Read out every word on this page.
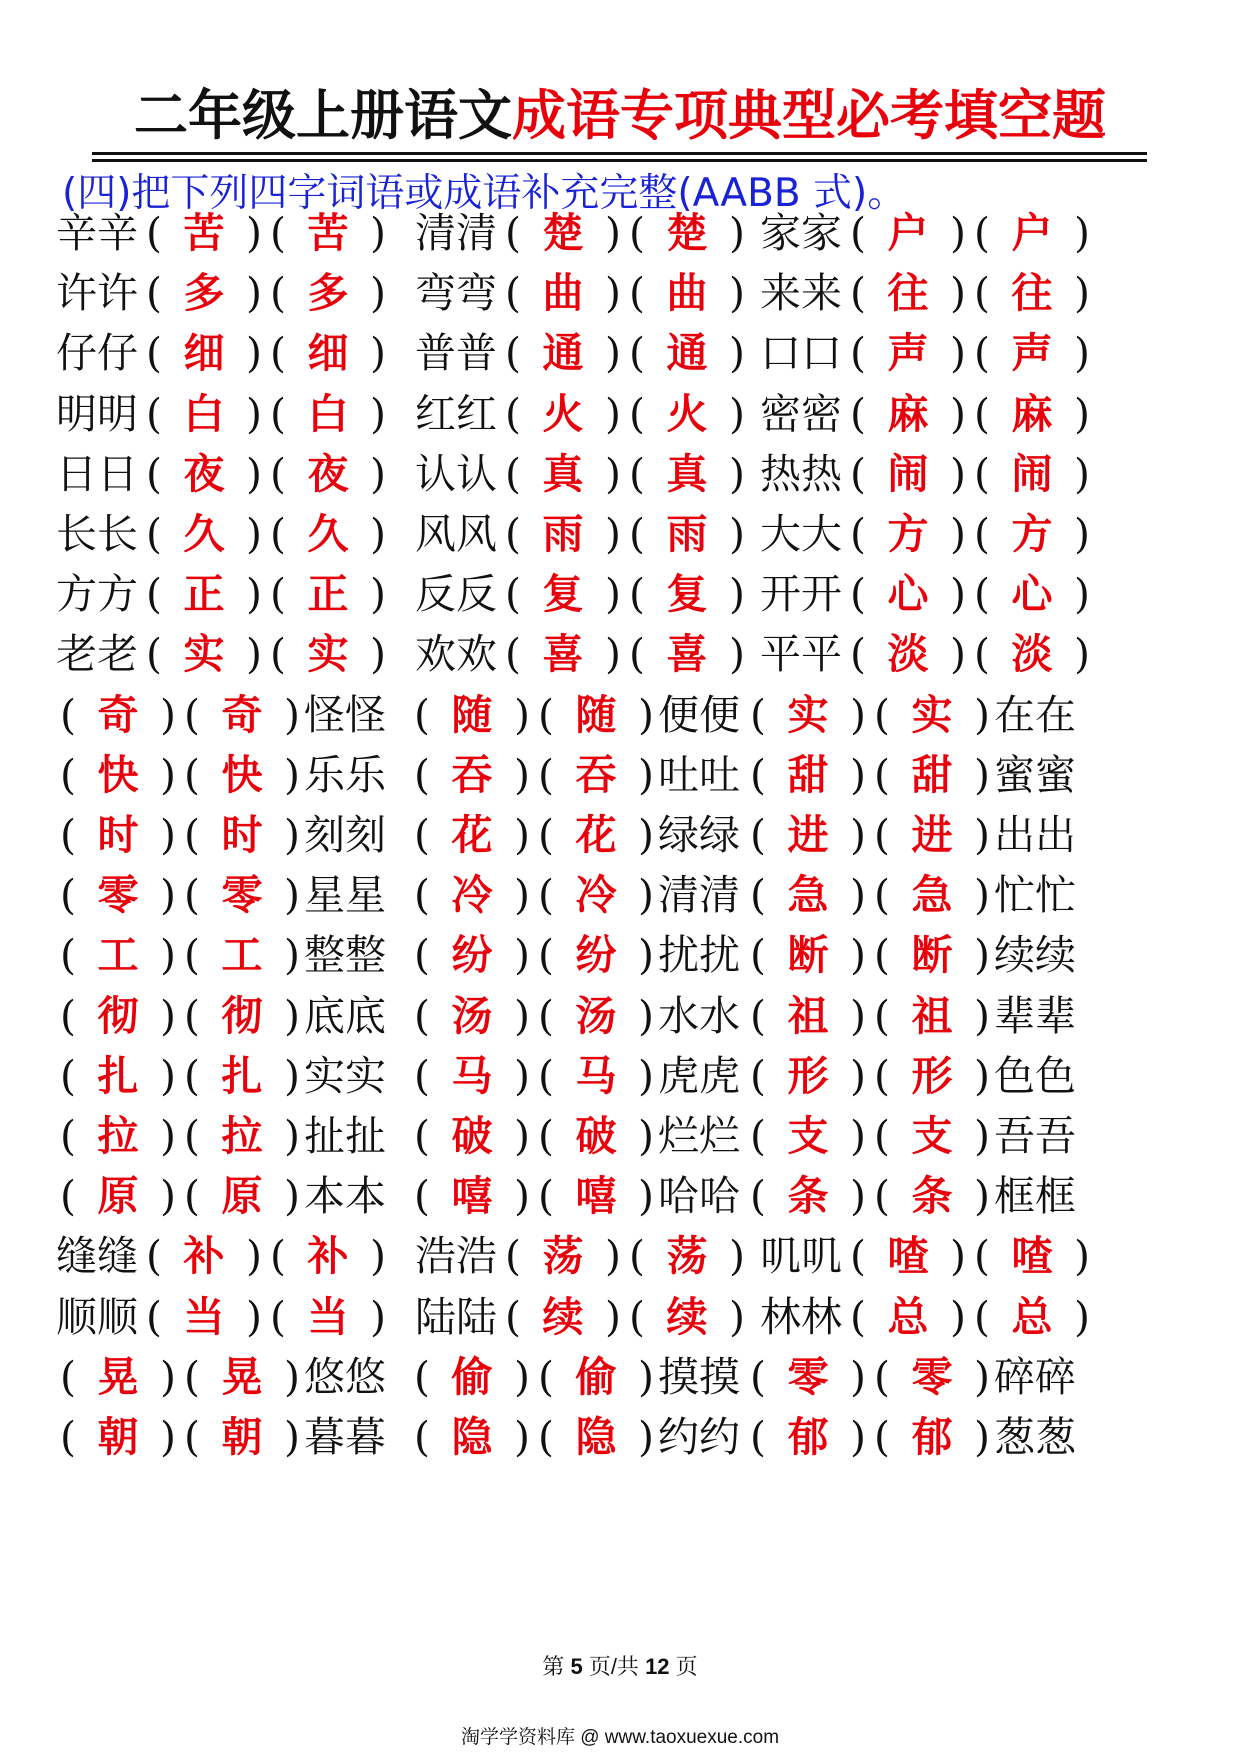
二年级上册语文成语专项典型必考填空题
(四)把下列四字词语或成语补充完整(AABB 式)。
辛辛 ( 苦 ) ( 苦 ) 清清 ( 楚 ) ( 楚 ) 家家 ( 户 ) ( 户 )
许许 ( 多 ) ( 多 ) 弯弯 ( 曲 ) ( 曲 ) 来来 ( 往 ) ( 往 )
仔仔 ( 细 ) ( 细 ) 普普 ( 通 ) ( 通 ) 口口 ( 声 ) ( 声 )
明明 ( 白 ) ( 白 ) 红红 ( 火 ) ( 火 ) 密密 ( 麻 ) ( 麻 )
日日 ( 夜 ) ( 夜 ) 认认 ( 真 ) ( 真 ) 热热 ( 闹 ) ( 闹 )
长长 ( 久 ) ( 久 ) 风风 ( 雨 ) ( 雨 ) 大大 ( 方 ) ( 方 )
方方 ( 正 ) ( 正 ) 反反 ( 复 ) ( 复 ) 开开 ( 心 ) ( 心 )
老老 ( 实 ) ( 实 ) 欢欢 ( 喜 ) ( 喜 ) 平平 ( 淡 ) ( 淡 )
( 奇 ) ( 奇 )怪怪 ( 随 ) ( 随 )便便 ( 实 ) ( 实 )在在
( 快 ) ( 快 )乐乐 ( 吞 ) ( 吞 )吐吐 ( 甜 ) ( 甜 )蜜蜜
( 时 ) ( 时 )刻刻 ( 花 ) ( 花 )绿绿 ( 进 ) ( 进 )出出
( 零 ) ( 零 )星星 ( 冷 ) ( 冷 )清清 ( 急 ) ( 急 )忙忙
( 工 ) ( 工 )整整 ( 纷 ) ( 纷 )扰扰 ( 断 ) ( 断 )续续
( 彻 ) ( 彻 )底底 ( 汤 ) ( 汤 )水水 ( 祖 ) ( 祖 )辈辈
( 扎 ) ( 扎 )实实 ( 马 ) ( 马 )虎虎 ( 形 ) ( 形 )色色
( 拉 ) ( 拉 )扯扯 ( 破 ) ( 破 )烂烂 ( 支 ) ( 支 )吾吾
( 原 ) ( 原 )本本 ( 嘻 ) ( 嘻 )哈哈 ( 条 ) ( 条 )框框
缝缝 ( 补 ) ( 补 ) 浩浩 ( 荡 ) ( 荡 ) 叽叽 ( 喳 ) ( 喳 )
顺顺 ( 当 ) ( 当 ) 陆陆 ( 续 ) ( 续 ) 林林 ( 总 ) ( 总 )
( 晃 ) ( 晃 )悠悠 ( 偷 ) ( 偷 )摸摸 ( 零 ) ( 零 )碎碎
( 朝 ) ( 朝 )暮暮 ( 隐 ) ( 隐 )约约 ( 郁 ) ( 郁 )葱葱
第 5 页/共 12 页
淘学学资料库 @ www.taoxuexue.com
